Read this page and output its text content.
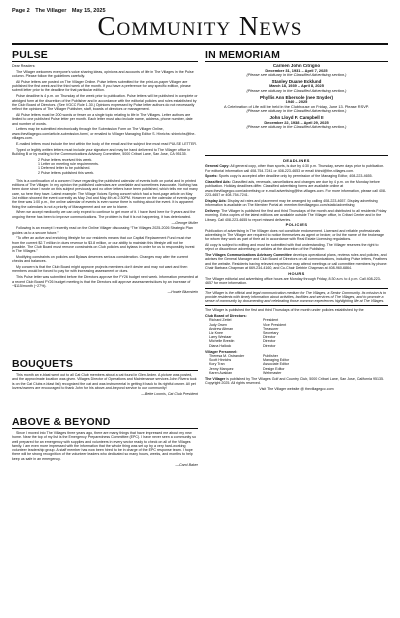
Page 2 The Villager May 15, 2025
Community News
PULSE

Dear Readers:

The Villager welcomes everyone’s voice sharing ideas, opinions and accounts of life in The Villages in the Pulse column. Please follow the guidelines carefully.

All Pulse letters are posted on The Villager Online. Pulse letters submitted for the print-on-paper Villager are published the first week and the third week of the month. If you have a preference for any specific edition, please submit letter prior to the deadline for that particular edition.

Pulse deadline is 4 p.m. on Thursday of the week prior to publication. Pulse letters will be published in complete or abridged form at the discretion of the Publisher and in accordance with the editorial policies and rules established by the Club Board of Directors. (See VGCC Rule 1.30.) Opinions expressed by Pulse letter authors do not necessarily reflect the opinions of The Villager Publisher, staff, boards of directors or management.

All Pulse letters must be 200 words or fewer on a single topic relating to life in The Villages. Letter authors are limited to one published Pulse letter per month. Each letter must also include name, address, phone number, date and number of words.

Letters may be submitted electronically through the Submission Form on The Villager Online, www.thevillagegcc.com/article-submission-form/, or emailed to Villager Managing Editor S. Hinrichs: shinrichs@the-villages.com.

E-mailed letters must include the text within the body of the email and the subject line must read PULSE LETTER.

Typed or legibly written letters must include your signature and may be hand delivered to The Villager office in Building B or by mailing to the Communications Advisory Committee, 5000 Cribari Lane, San Jose, CA 95135.

2 Pulse letters received this week.
1 Letter on meeting rule requirements.
1 Deferred letter to be published.
2 Pulse letters published this week.

This is a continuation of a concern I have regarding the published calendar of events both on portal and in printed editions of The Villager. In my opinion the published calendars are unreliable and sometimes inaccurate. Nothing has been done since I wrote on this subject previously and no other letters have been published, which tells me not many care, so here they have. Latest example: The Village Voices Spring concert which had a front-page article on May 1st edition showed the event correctly as May 2nd and May 4th at 2:30PM. However on the calendar of events page the time was 1:00 p.m., the online calendar of events is even worse there is nothing about the event. It is apparent fixing the calendars is not a priority of Management and we are to blame.

When we accept mediocrity we can only expect to continue to get more of it. I have lived here for 9 years and the ongoing theme has been to improve communications. The problem is that it is not happening, it has deteriorated.

—George Muller

Following is an excerpt I recently read on the Online Villager discussing “The Villages 2025-2026 Strategic Plan guides us to a secure future.”

“To offer an active and enriching lifestyle for our residents means that our Capital Replacement Fund must rise from the current $2.7 million in dues revenue to $3.8 million, or our ability to maintain this lifestyle will not be possible. The Club Board must remove constraints on Club policies and bylaws in order for us to responsibly invest in The Villages.”

Modifying constraints on policies and Bylaws deserves serious consideration. Changes may alter the current checks and balances.

My concern is that the Club Board might approve projects members don’t desire and may not want and then members would be forced to pay for with increasing assessment or dues.

This Pulse letter was submitted before the Directors approve the FY26 budget next week. Information presented at a recent Club Board FY26 budget meeting is that the Directors will approve assessments/dues by an increase of ~$115/month (~27%).

—Howie Blumstein

BOUQUETS

This month an e-blast went out to all Cat Club members about a cat found in Glen Arden. A picture was posted, and the approximate location was given. Villages Director of Operations and Maintenance services John Rivera took is on the Cat Clubs e-blast list) recognized the cat and was instrumental in getting it back to its rightful owner. All pet lovers/owners are encouraged to thank John for his above-and-beyond service to our community!

—Bette Loomis, Cat Club President

ABOVE & BEYOND

Since I moved into The Villages three years ago, there are many things that have impressed me about my new home. Near the top of my list is the Emergency Preparedness Committee (EPC). I have never seen a community so well prepared for an emergency with supplies and volunteers in every sector ready to check on all of the Villages family. I am even more impressed with the information that the whole thing was set up by a very hard-working volunteer leadership group. A staff member has now been hired to be in charge of the EPC response team. I hope there will be strong recognition of the volunteer leaders who dedicated so many hours, weeks, and months to help keep us safe in an emergency.

—Carol Baker

IN MEMORIAM
Carmen John Citrigno
December 31, 1931 – April 7, 2025
(Please see obituary in the Classified Advertising section.)
Stanley Duane Ecklund
March 18, 1939 – April 8, 2025
(Please see obituary in the Classified Advertising section.)
Phyllis Ann Ebersole (nee Snyder)
1940 – 2025
A Celebration of Life will be held in the Clubhouse on Friday, June 13. Please RSVP.
(Please see obituary in the Classified Advertising section.)
John Lloyd F. Campbell II
December 22, 1938 – April 29, 2025
(Please see obituary in the Classified Advertising section.)
DEADLINES

General Copy: All general copy, other than sports, is due by 4:30 p.m. Thursday, seven days prior to publication. For editorial information call 408-754-7241 or 408-223-4653 or email khind@the-villages.com.

Sports: Sports copy is accepted after deadline only by permission of the Managing Editor, 408-223-4655.

Classified Ads: Classified ads, renewals, cancellations and changes are due by 4 p.m. on the Monday before publication. Holiday deadlines differ. Classified advertising forms are available online at www.thevillagegcc.com/advertising or e-mail advertising@the-villages.com. For more information, please call 408-223-4657 or 408-754-7241.

Display Ads: Display ad rates and placement may be arranged by calling 408-223-4657. Display advertising information is available on The Member Portal at: member.thevillagegcc.com/static/advertising

Delivery: The Villager is published the first and third Thursdays of the month and distributed to all residents Friday morning. Extra copies of the latest editions are available outside The Villager office, in Cribari Center and in the Library. Call 408-223-4655 to report missed deliveries.

POLICIES

Publication of advertising in The Villager does not constitute endorsement. Licensed and reliable professionals advertising in The Villager are required to notice themselves as agent or broker, or list the name of the brokerage for whom they work as part of their ad in accordance with Real Estate Licensing regulations.

All copy is subject to editing and must be submitted with that understanding. The Villager reserves the right to reject or discontinue advertising or articles at the discretion of the Publisher.

The Villages Communications Advisory Committee develops operational plans, reviews rules and policies, and advises the General Manager and Club Board of Directors on all communications, including Pulse letters, Feathers and the website. Residents having relevant experience may attend meetings or call committee members by phone: Chair Barbara Chapman at 669-234-4160, and Co-Chair Debbie Chapman at 408-960-6864.

HOURS

The Villager editorial and advertising office hours are Monday through Friday, 8:30 a.m. to 4 p.m. Call 408-223-4657 for more information.

The Villager is the official and legal communication medium for The Villages, a Senior Community. Its mission is to provide residents with timely information about activities, facilities and services of The Villages, and to promote a sense of community by documenting and celebrating those common experiences highlighting life at The Villages.

The Villager is published the first and third Thursdays of the month under policies established by the

Club Board of Directors:
Richard Zettel	President
Judy Owen	Vice President
Andrew Altman	Treasurer
Liz Knee	Secretary
Larry Westaar	Director
Michelle Brestin	Director
Diana Hallock	Director
Villager Personnel:
Theresa M. Ostrander	Publisher
Scott Hinrichs	Managing Editor
Kory Tran	Associate Editor
Jenny Marquez	Design Editor
Karen Avakian	Webmaster

The Villager is published by The Villages Golf and Country Club, 5000 Cribari Lane, San Jose, California 95135. Copyright 2025. All rights reserved.

Visit The Villager website @ thevillagegcc.com
